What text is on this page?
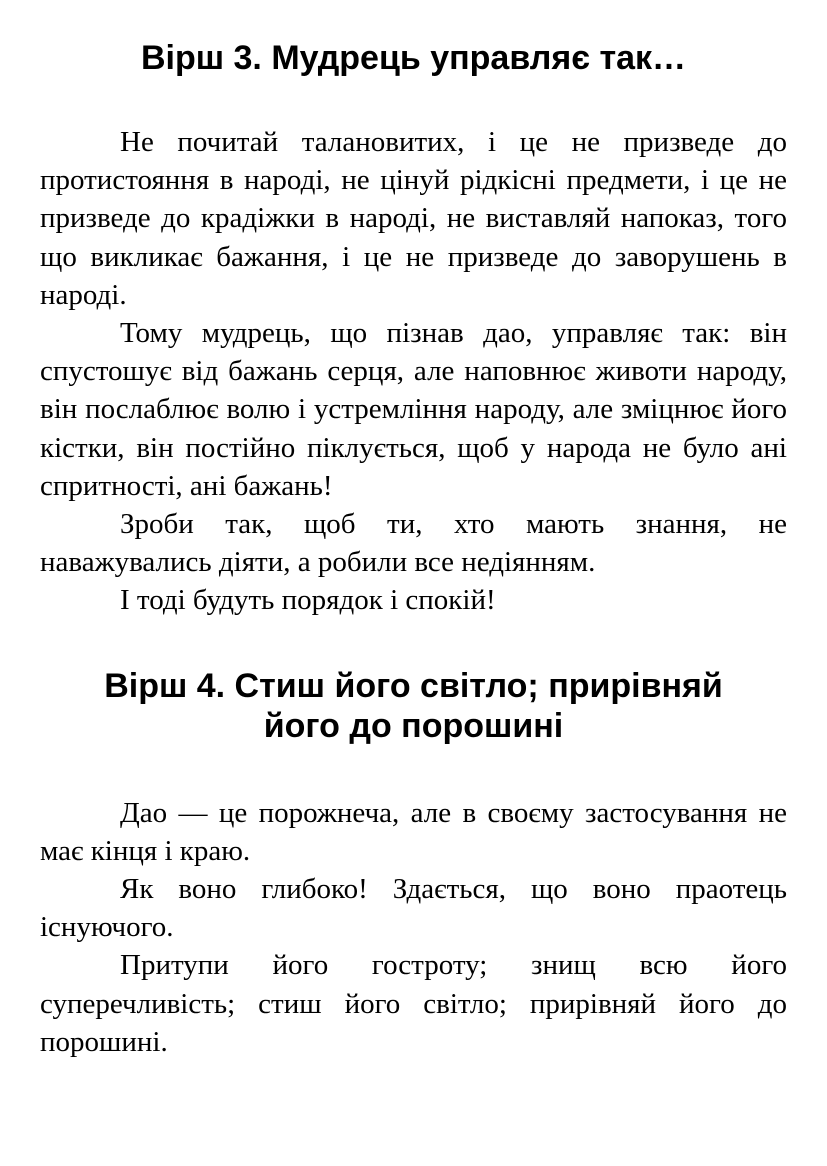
Вірш 3. Мудрець управляє так…

Не почитай талановитих, і це не призведе до протистояння в народі, не цінуй рідкісні предмети, і це не призведе до крадіжки в народі, не виставляй напоказ, того що викликає бажання, і це не призведе до заворушень в народі.

Тому мудрець, що пізнав дао, управляє так: він спустошує від бажань серця, але наповнює животи народу, він послаблює волю і устремління народу, але зміцнює його кістки, він постійно піклується, щоб у народа не було ані спритності, ані бажань!

Зроби так, щоб ти, хто мають знання, не наважувались діяти, а робили все недіянням.

І тоді будуть порядок і спокій!

Вірш 4. Стиш його світло; прирівняй
його до порошині

Дао — це порожнеча, але в своєму застосування не має кінця і краю.

Як воно глибоко! Здається, що воно праотець існуючого.

Притупи його гостроту; знищ всю його суперечливість; стиш його світло; прирівняй його до порошині.
